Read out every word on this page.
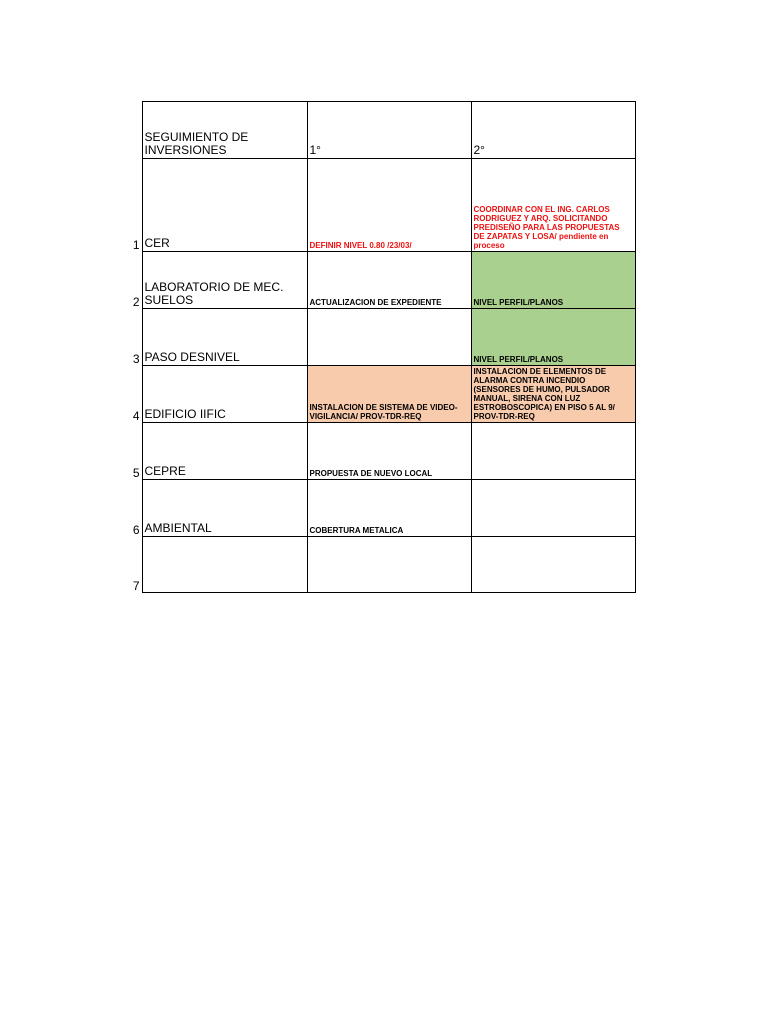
	SEGUIMIENTO DE INVERSIONES	1°	2°
1	CER	DEFINIR NIVEL 0.80 /23/03/	COORDINAR CON EL ING. CARLOS RODRIGUEZ Y ARQ. SOLICITANDO PREDISEÑO PARA LAS PROPUESTAS DE ZAPATAS Y LOSA/ pendiente en proceso
2	LABORATORIO DE MEC. SUELOS	ACTUALIZACION DE EXPEDIENTE	NIVEL PERFIL/PLANOS
3	PASO DESNIVEL		NIVEL PERFIL/PLANOS
4	EDIFICIO IIFIC	INSTALACION DE SISTEMA DE VIDEO-VIGILANCIA/ PROV-TDR-REQ	INSTALACION DE ELEMENTOS DE ALARMA CONTRA INCENDIO (SENSORES DE HUMO, PULSADOR MANUAL, SIRENA CON LUZ ESTROBOSCOPICA) EN PISO 5 AL 9/ PROV-TDR-REQ

5	CEPRE	PROPUESTA DE NUEVO LOCAL	
6	AMBIENTAL	COBERTURA METALICA	
7			
